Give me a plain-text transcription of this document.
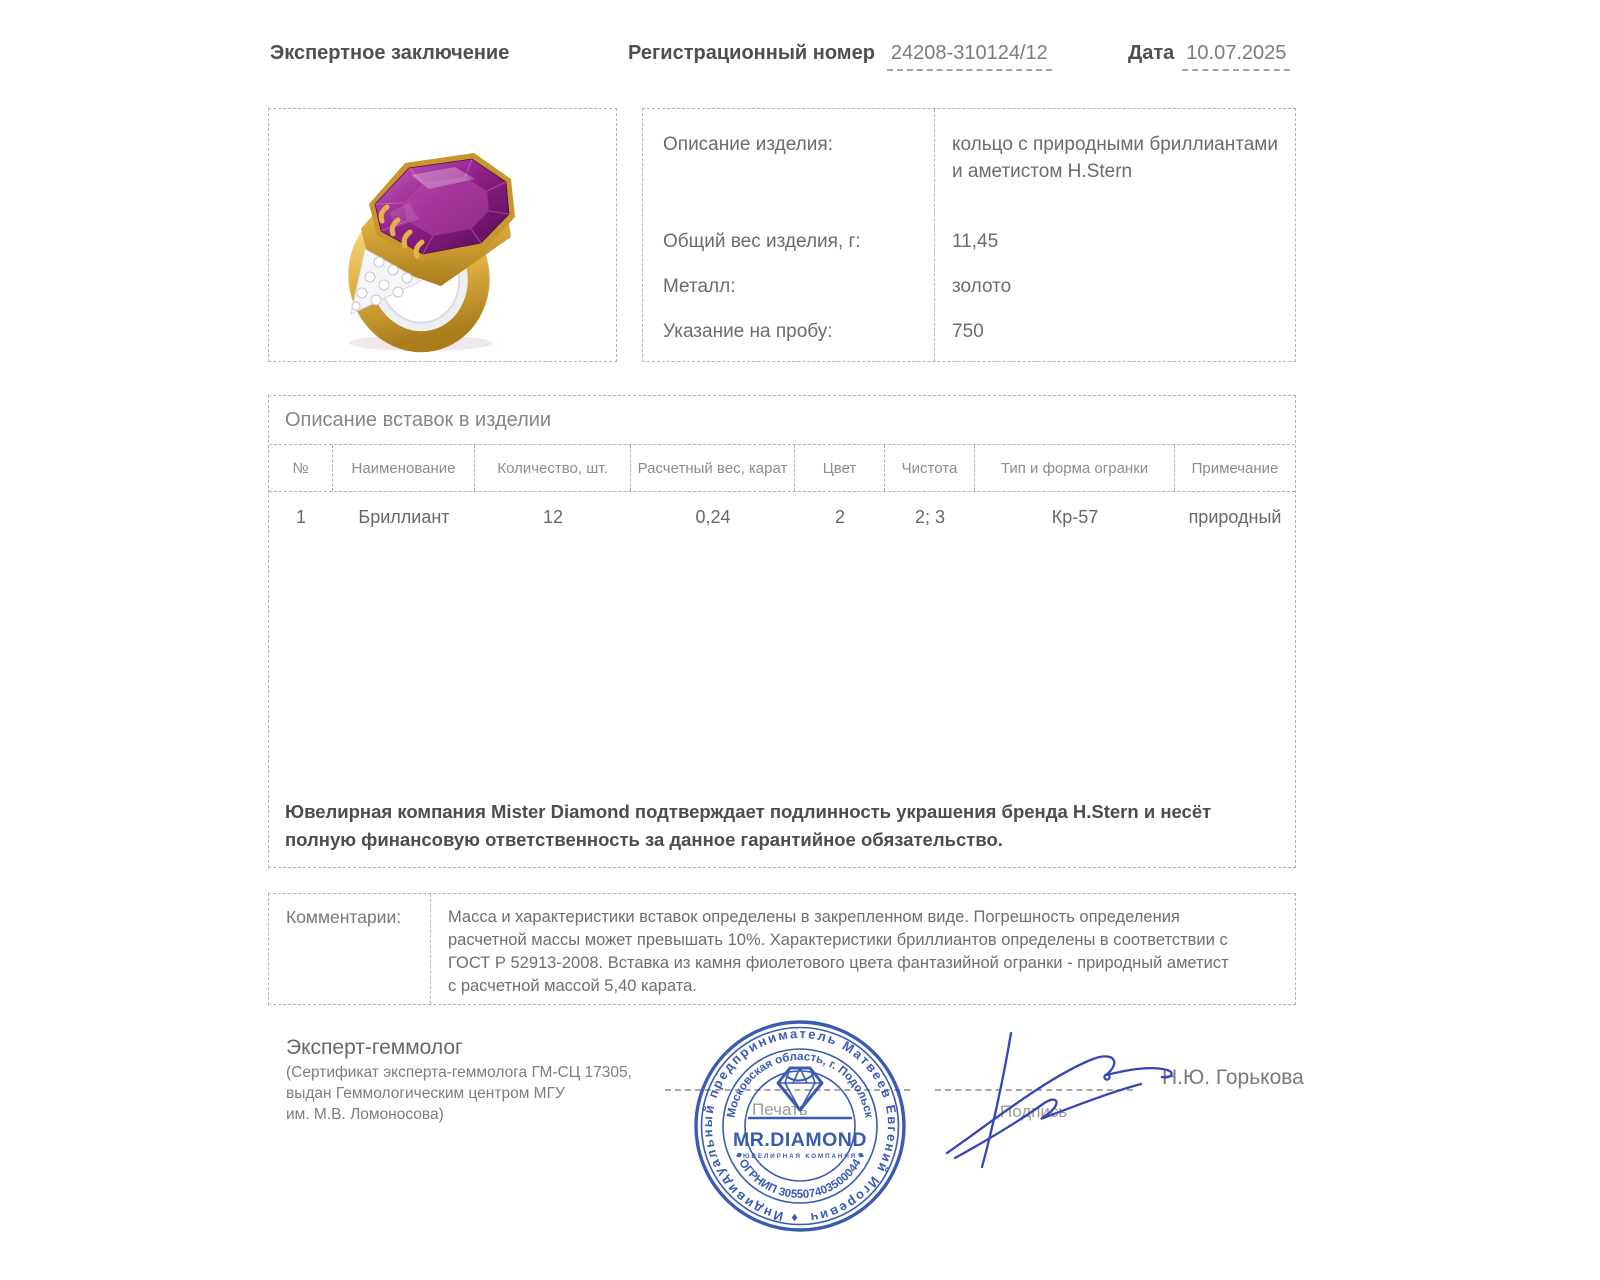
Экспертное заключение	Регистрационный номер 24208-310124/12	Дата 10.07.2025
Описание изделия:	кольцо с природными бриллиантами и аметистом H.Stern
Общий вес изделия, г:	11,45
Металл:	золото
Указание на пробу:	750
Описание вставок в изделии
№	Наименование	Количество, шт.	Расчетный вес, карат	Цвет	Чистота	Тип и форма огранки	Примечание
1	Бриллиант	12	0,24	2	2; 3	Кр-57	природный
Ювелирная компания Mister Diamond подтверждает подлинность украшения бренда H.Stern и несёт полную финансовую ответственность за данное гарантийное обязательство.
Комментарии:	Масса и характеристики вставок определены в закрепленном виде. Погрешность определения расчетной массы может превышать 10%. Характеристики бриллиантов определены в соответствии с ГОСТ Р 52913-2008. Вставка из камня фиолетового цвета фантазийной огранки - природный аметист с расчетной массой 5,40 карата.
Эксперт-геммолог
(Сертификат эксперта-геммолога ГМ-СЦ 17305,
выдан Геммологическим центром МГУ
им. М.В. Ломоносова)	Печать	Подпись
Н.Ю. Горькова
♦ Индивидуальный предприниматель Матвеев Евгений Игоревич
Московская область, г. Подольск
♦ ОГРНИП 305507403500044 ♦
MR.DIAMOND
ЮВЕЛИРНАЯ КОМПАНИЯ
